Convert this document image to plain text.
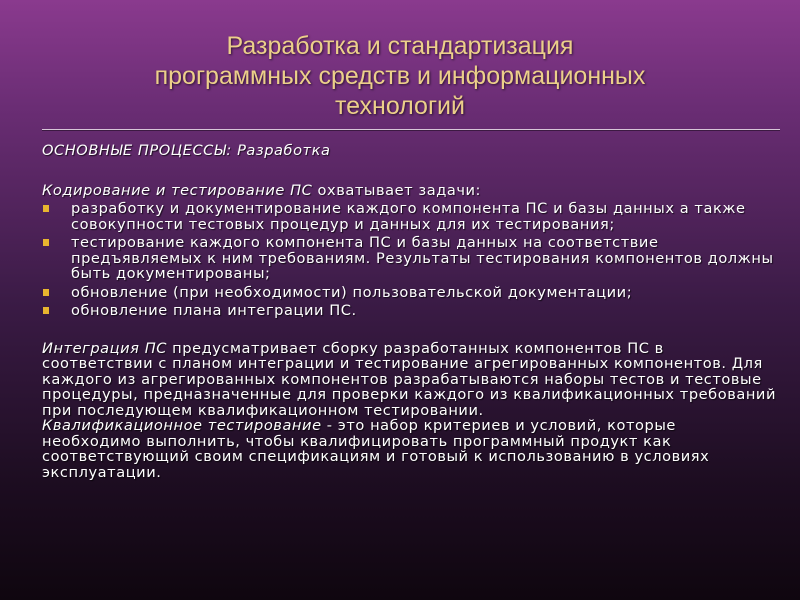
Разработка и стандартизация
программных средств и информационных
технологий

ОСНОВНЫЕ ПРОЦЕССЫ: Разработка

Кодирование и тестирование ПС охватывает задачи:

разработку и документирование каждого компонента ПС и базы данных а также совокупности тестовых процедур и данных для их тестирования;
тестирование каждого компонента ПС и базы данных на соответствие предъявляемых к ним требованиям. Результаты тестирования компонентов должны быть документированы;
обновление (при необходимости) пользовательской документации;
обновление плана интеграции ПС.

Интеграция ПС предусматривает сборку разработанных компонентов ПС в соответствии с планом интеграции и тестирование агрегированных компонентов. Для каждого из агрегированных компонентов разрабатываются наборы тестов и тестовые процедуры, предназначенные для проверки каждого из квалификационных требований при последующем квалификационном тестировании.

Квалификационное тестирование - это набор критериев и условий, которые необходимо выполнить, чтобы квалифицировать программный продукт как соответствующий своим спецификациям и готовый к использованию в условиях эксплуатации.
